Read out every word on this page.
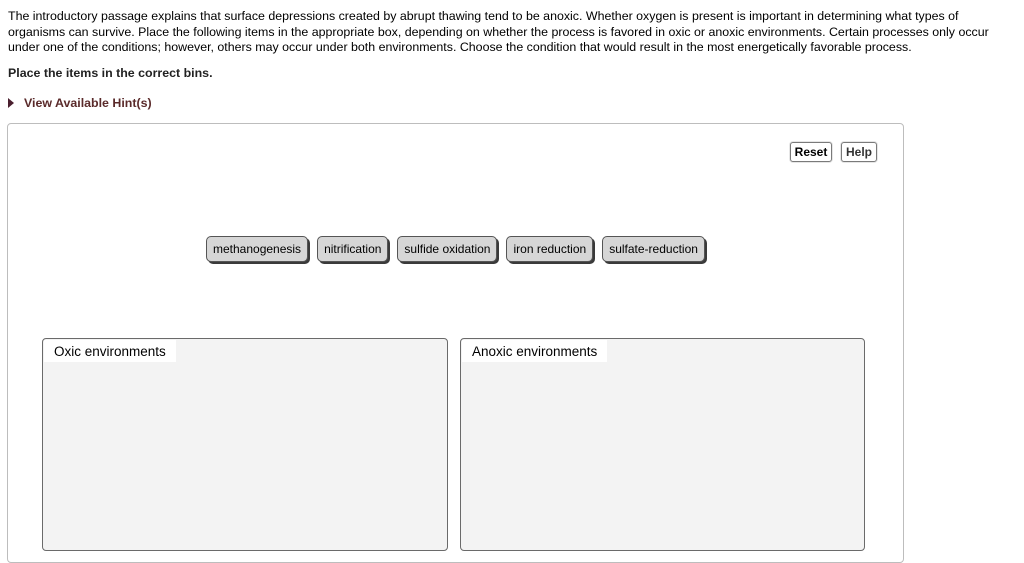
The introductory passage explains that surface depressions created by abrupt thawing tend to be anoxic. Whether oxygen is present is important in determining what types of organisms can survive. Place the following items in the appropriate box, depending on whether the process is favored in oxic or anoxic environments. Certain processes only occur under one of the conditions; however, others may occur under both environments. Choose the condition that would result in the most energetically favorable process.

Place the items in the correct bins.

View Available Hint(s)
Reset	Help
methanogenesis	nitrification	sulfide oxidation	iron reduction	sulfate-reduction
Oxic environments	Anoxic environments
